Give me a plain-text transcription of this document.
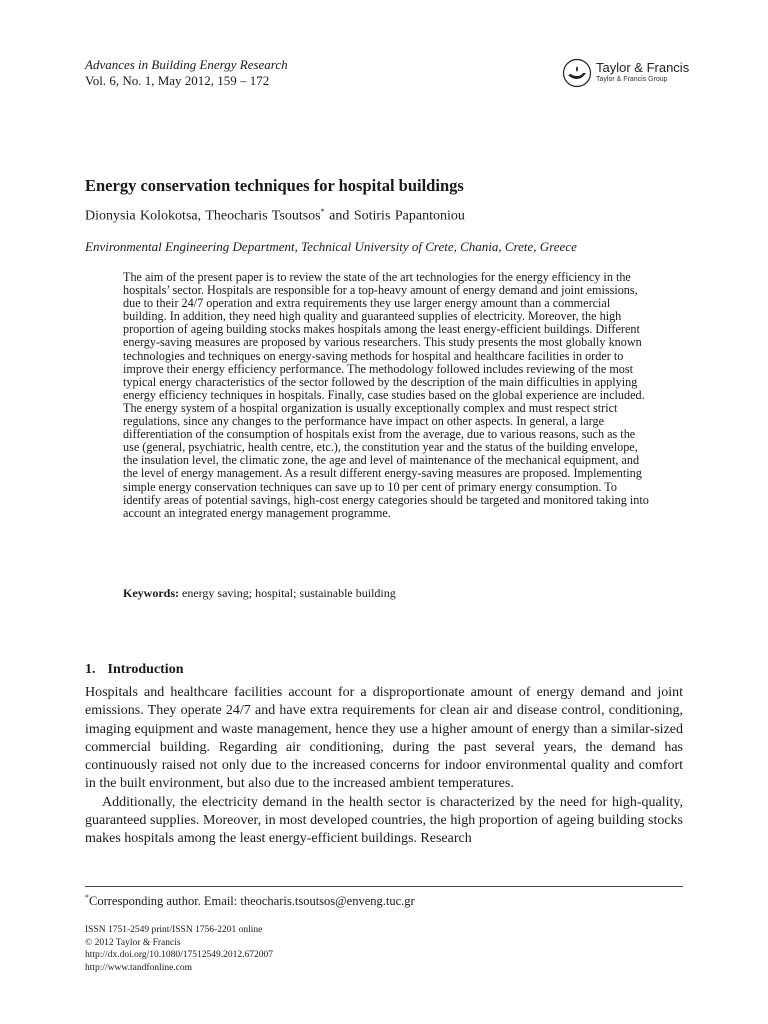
Advances in Building Energy Research
Vol. 6, No. 1, May 2012, 159 – 172
Taylor & Francis
Taylor & Francis Group
Energy conservation techniques for hospital buildings
Dionysia Kolokotsa, Theocharis Tsoutsos* and Sotiris Papantoniou
Environmental Engineering Department, Technical University of Crete, Chania, Crete, Greece

The aim of the present paper is to review the state of the art technologies for the energy efficiency in the hospitals’ sector. Hospitals are responsible for a top-heavy amount of energy demand and joint emissions, due to their 24/7 operation and extra requirements they use larger energy amount than a commercial building. In addition, they need high quality and guaranteed supplies of electricity. Moreover, the high proportion of ageing building stocks makes hospitals among the least energy-efficient buildings. Different energy-saving measures are proposed by various researchers. This study presents the most globally known technologies and techniques on energy-saving methods for hospital and healthcare facilities in order to improve their energy efficiency performance. The methodology followed includes reviewing of the most typical energy characteristics of the sector followed by the description of the main difficulties in applying energy efficiency techniques in hospitals. Finally, case studies based on the global experience are included. The energy system of a hospital organization is usually exceptionally complex and must respect strict regulations, since any changes to the performance have impact on other aspects. In general, a large differentiation of the consumption of hospitals exist from the average, due to various reasons, such as the use (general, psychiatric, health centre, etc.), the constitution year and the status of the building envelope, the insulation level, the climatic zone, the age and level of maintenance of the mechanical equipment, and the level of energy management. As a result different energy-saving measures are proposed. Implementing simple energy conservation techniques can save up to 10 per cent of primary energy consumption. To identify areas of potential savings, high-cost energy categories should be targeted and monitored taking into account an integrated energy management programme.

Keywords: energy saving; hospital; sustainable building
1. Introduction

Hospitals and healthcare facilities account for a disproportionate amount of energy demand and joint emissions. They operate 24/7 and have extra requirements for clean air and disease control, conditioning, imaging equipment and waste management, hence they use a higher amount of energy than a similar-sized commercial building. Regarding air conditioning, during the past several years, the demand has continuously raised not only due to the increased concerns for indoor environmental quality and comfort in the built environment, but also due to the increased ambient temperatures.

Additionally, the electricity demand in the health sector is characterized by the need for high-quality, guaranteed supplies. Moreover, in most developed countries, the high proportion of ageing building stocks makes hospitals among the least energy-efficient buildings. Research

*Corresponding author. Email: theocharis.tsoutsos@enveng.tuc.gr
ISSN 1751-2549 print/ISSN 1756-2201 online
© 2012 Taylor & Francis
http://dx.doi.org/10.1080/17512549.2012.672007
http://www.tandfonline.com
